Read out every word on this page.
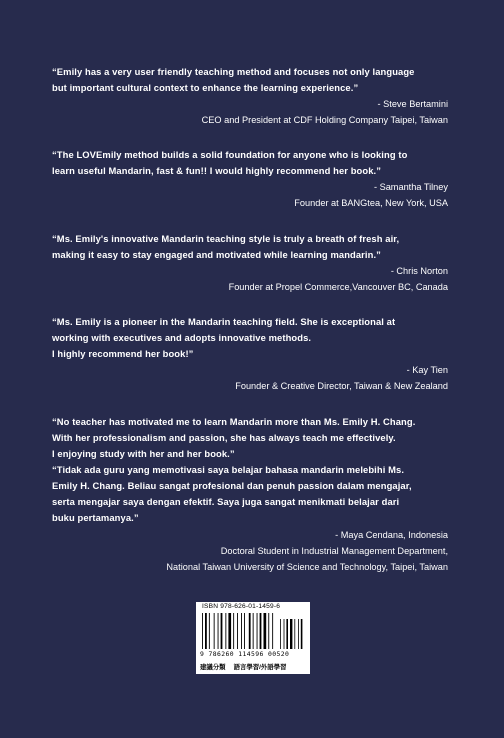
“Emily has a very user friendly teaching method and focuses not only language

but important cultural context to enhance the learning experience.”

- Steve Bertamini
CEO and President at CDF Holding Company Taipei, Taiwan

“The LOVEmily method builds a solid foundation for anyone who is looking to

learn useful Mandarin, fast & fun!! I would highly recommend her book.”

- Samantha Tilney
Founder at BANGtea, New York, USA

“Ms. Emily's innovative Mandarin teaching style is truly a breath of fresh air,

making it easy to stay engaged and motivated while learning mandarin.”

- Chris Norton
Founder at Propel Commerce,Vancouver BC, Canada

“Ms. Emily is a pioneer in the Mandarin teaching field. She is exceptional at

working with executives and adopts innovative methods.

I highly recommend her book!”

- Kay Tien
Founder & Creative Director, Taiwan & New Zealand

“No teacher has motivated me to learn Mandarin more than Ms. Emily H. Chang.

With her professionalism and passion, she has always teach me effectively.

I enjoying study with her and her book.”

“Tidak ada guru yang memotivasi saya belajar bahasa mandarin melebihi Ms.

Emily H. Chang. Beliau sangat profesional dan penuh passion dalam mengajar,

serta mengajar saya dengan efektif. Saya juga sangat menikmati belajar dari

buku pertamanya.”

- Maya Cendana, Indonesia
Doctoral Student in Industrial Management Department,
National Taiwan University of Science and Technology, Taipei, Taiwan
ISBN 978-626-01-1459-6
9 786260 114596 00520
建議分類 語言學習/外語學習
